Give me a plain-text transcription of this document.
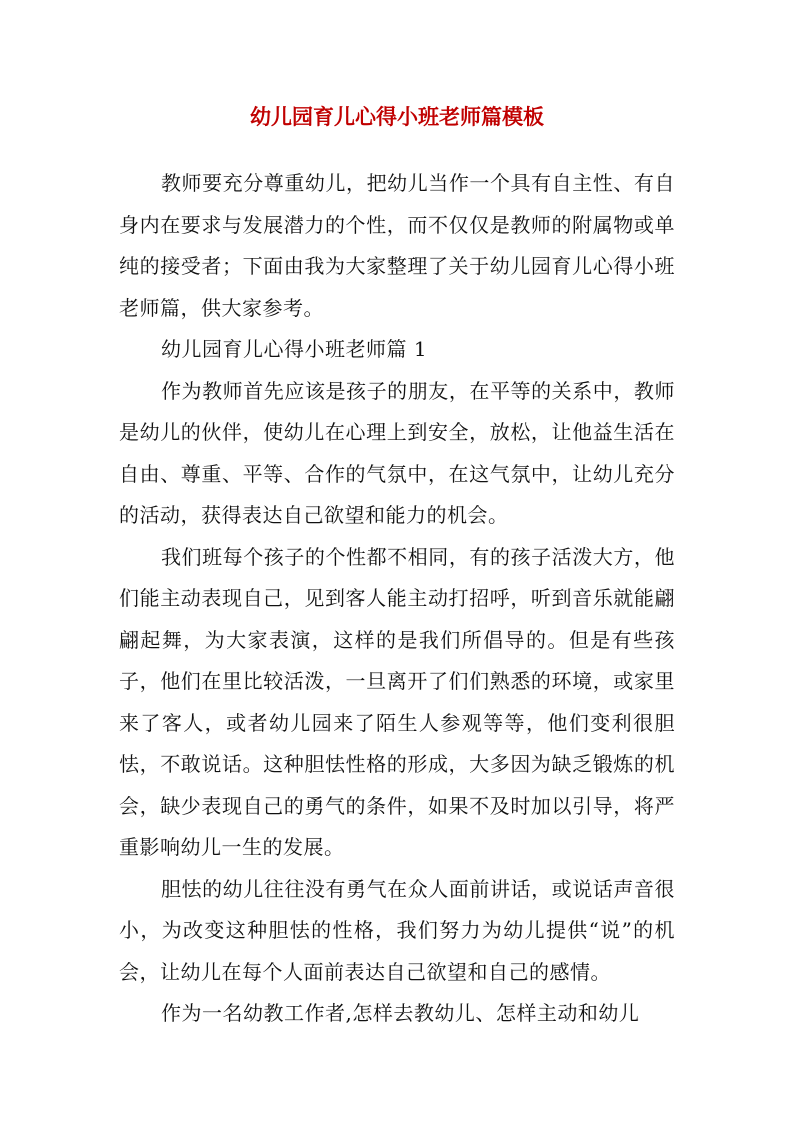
幼儿园育儿心得小班老师篇模板

教师要充分尊重幼儿，把幼儿当作一个具有自主性、有自身内在要求与发展潜力的个性，而不仅仅是教师的附属物或单纯的接受者；下面由我为大家整理了关于幼儿园育儿心得小班老师篇，供大家参考。

幼儿园育儿心得小班老师篇 1

作为教师首先应该是孩子的朋友，在平等的关系中，教师是幼儿的伙伴，使幼儿在心理上到安全，放松，让他益生活在自由、尊重、平等、合作的气氛中，在这气氛中，让幼儿充分的活动，获得表达自己欲望和能力的机会。

我们班每个孩子的个性都不相同，有的孩子活泼大方，他们能主动表现自己，见到客人能主动打招呼，听到音乐就能翩翩起舞，为大家表演，这样的是我们所倡导的。但是有些孩子，他们在里比较活泼，一旦离开了们们熟悉的环境，或家里来了客人，或者幼儿园来了陌生人参观等等，他们变利很胆怯，不敢说话。这种胆怯性格的形成，大多因为缺乏锻炼的机会，缺少表现自己的勇气的条件，如果不及时加以引导，将严重影响幼儿一生的发展。

胆怯的幼儿往往没有勇气在众人面前讲话，或说话声音很小，为改变这种胆怯的性格，我们努力为幼儿提供“说”的机会，让幼儿在每个人面前表达自己欲望和自己的感情。

作为一名幼教工作者,怎样去教幼儿、怎样主动和幼儿
